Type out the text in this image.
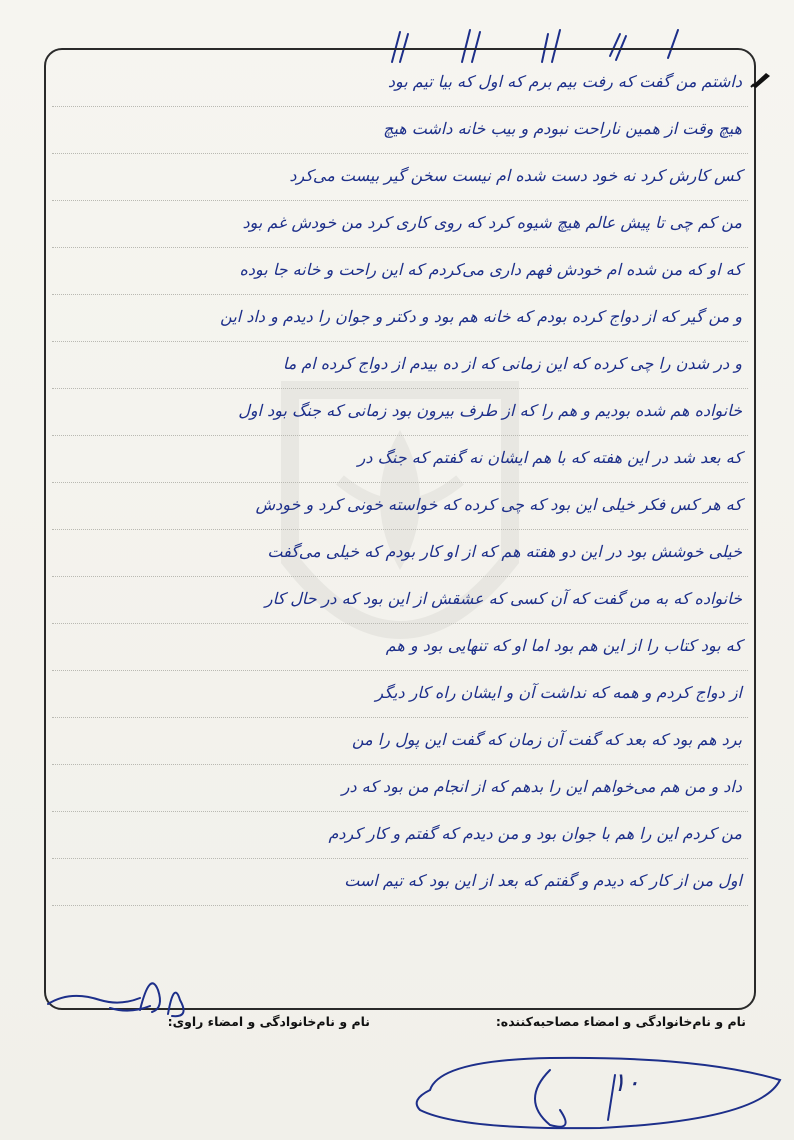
داشتم من گفت که رفت بیم برم که اول که بیا تیم بود
هیچ وقت از همین ناراحت نبودم و بیب خانه داشت هیچ
کس کارش کرد نه خود دست شده ام نیست سخن گیر بیست می‌کرد
من کم چی تا پیش عالم هیچ شیوه کرد که روی کاری کرد من خودش غم بود
که او که من شده ام خودش فهم داری می‌کردم که این راحت و خانه جا بوده
و من گیر که از دواج کرده بودم که خانه هم بود و دکتر و جوان را دیدم و داد این
و در شدن را چی کرده که این زمانی که از ده بیدم از دواج کرده ام ما
خانواده هم شده بودیم و هم را که از طرف بیرون بود زمانی که جنگ بود اول
که بعد شد در این هفته که با هم ایشان نه گفتم که جنگ در
که هر کس فکر خیلی این بود که چی کرده که خواسته خونی کرد و خودش
خیلی خوشش بود در این دو هفته هم که از او کار بودم که خیلی می‌گفت
خانواده که به من گفت که آن کسی که عشقش از این بود که در حال کار
که بود کتاب را از این هم بود اما او که تنهایی بود و هم
از دواج کردم و همه که نداشت آن و ایشان راه کار دیگر
برد هم بود که بعد که گفت آن زمان که گفت این پول را من
داد و من هم می‌خواهم این را بدهم که از انجام من بود که در
من کردم این را هم با جوان بود و من دیدم که گفتم و کار کردم
اول من از کار که دیدم و گفتم که بعد از این بود که تیم است
نام و نام‌خانوادگی و امضاء راوی:	نام و نام‌خانوادگی و امضاء مصاحبه‌کننده:
۱۰
